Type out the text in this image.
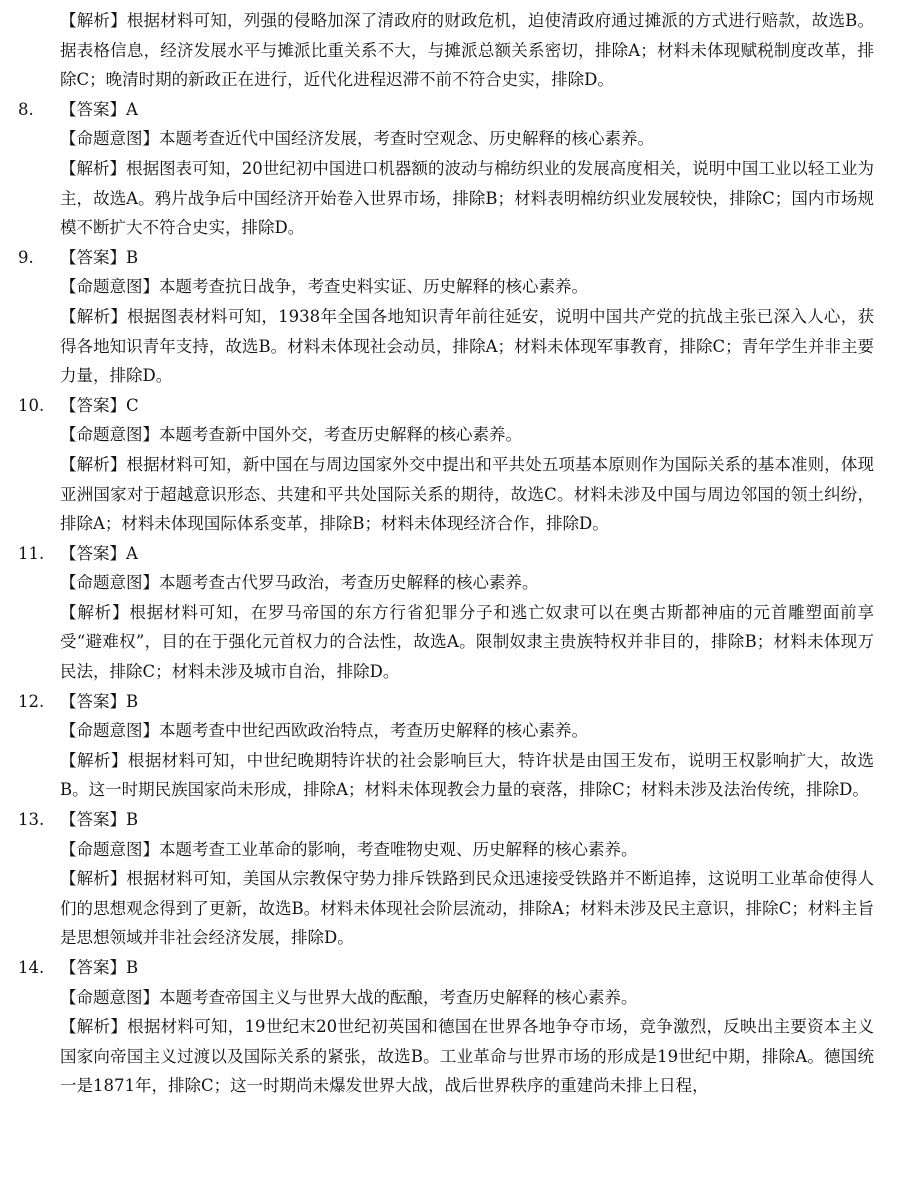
【解析】根据材料可知，列强的侵略加深了清政府的财政危机，迫使清政府通过摊派的方式进行赔款，故选B。据表格信息，经济发展水平与摊派比重关系不大，与摊派总额关系密切，排除A；材料未体现赋税制度改革，排除C；晚清时期的新政正在进行，近代化进程迟滞不前不符合史实，排除D。

8. 【答案】A

【命题意图】本题考查近代中国经济发展，考查时空观念、历史解释的核心素养。

【解析】根据图表可知，20世纪初中国进口机器额的波动与棉纺织业的发展高度相关，说明中国工业以轻工业为主，故选A。鸦片战争后中国经济开始卷入世界市场，排除B；材料表明棉纺织业发展较快，排除C；国内市场规模不断扩大不符合史实，排除D。

9. 【答案】B

【命题意图】本题考查抗日战争，考查史料实证、历史解释的核心素养。

【解析】根据图表材料可知，1938年全国各地知识青年前往延安，说明中国共产党的抗战主张已深入人心，获得各地知识青年支持，故选B。材料未体现社会动员，排除A；材料未体现军事教育，排除C；青年学生并非主要力量，排除D。

10. 【答案】C

【命题意图】本题考查新中国外交，考查历史解释的核心素养。

【解析】根据材料可知，新中国在与周边国家外交中提出和平共处五项基本原则作为国际关系的基本准则，体现亚洲国家对于超越意识形态、共建和平共处国际关系的期待，故选C。材料未涉及中国与周边邻国的领土纠纷，排除A；材料未体现国际体系变革，排除B；材料未体现经济合作，排除D。

11. 【答案】A

【命题意图】本题考查古代罗马政治，考查历史解释的核心素养。

【解析】根据材料可知，在罗马帝国的东方行省犯罪分子和逃亡奴隶可以在奥古斯都神庙的元首雕塑面前享受“避难权”，目的在于强化元首权力的合法性，故选A。限制奴隶主贵族特权并非目的，排除B；材料未体现万民法，排除C；材料未涉及城市自治，排除D。

12. 【答案】B

【命题意图】本题考查中世纪西欧政治特点，考查历史解释的核心素养。

【解析】根据材料可知，中世纪晚期特许状的社会影响巨大，特许状是由国王发布，说明王权影响扩大，故选B。这一时期民族国家尚未形成，排除A；材料未体现教会力量的衰落，排除C；材料未涉及法治传统，排除D。

13. 【答案】B

【命题意图】本题考查工业革命的影响，考查唯物史观、历史解释的核心素养。

【解析】根据材料可知，美国从宗教保守势力排斥铁路到民众迅速接受铁路并不断追捧，这说明工业革命使得人们的思想观念得到了更新，故选B。材料未体现社会阶层流动，排除A；材料未涉及民主意识，排除C；材料主旨是思想领域并非社会经济发展，排除D。

14. 【答案】B

【命题意图】本题考查帝国主义与世界大战的酝酿，考查历史解释的核心素养。

【解析】根据材料可知，19世纪末20世纪初英国和德国在世界各地争夺市场，竞争激烈，反映出主要资本主义国家向帝国主义过渡以及国际关系的紧张，故选B。工业革命与世界市场的形成是19世纪中期，排除A。德国统一是1871年，排除C；这一时期尚未爆发世界大战，战后世界秩序的重建尚未排上日程，
